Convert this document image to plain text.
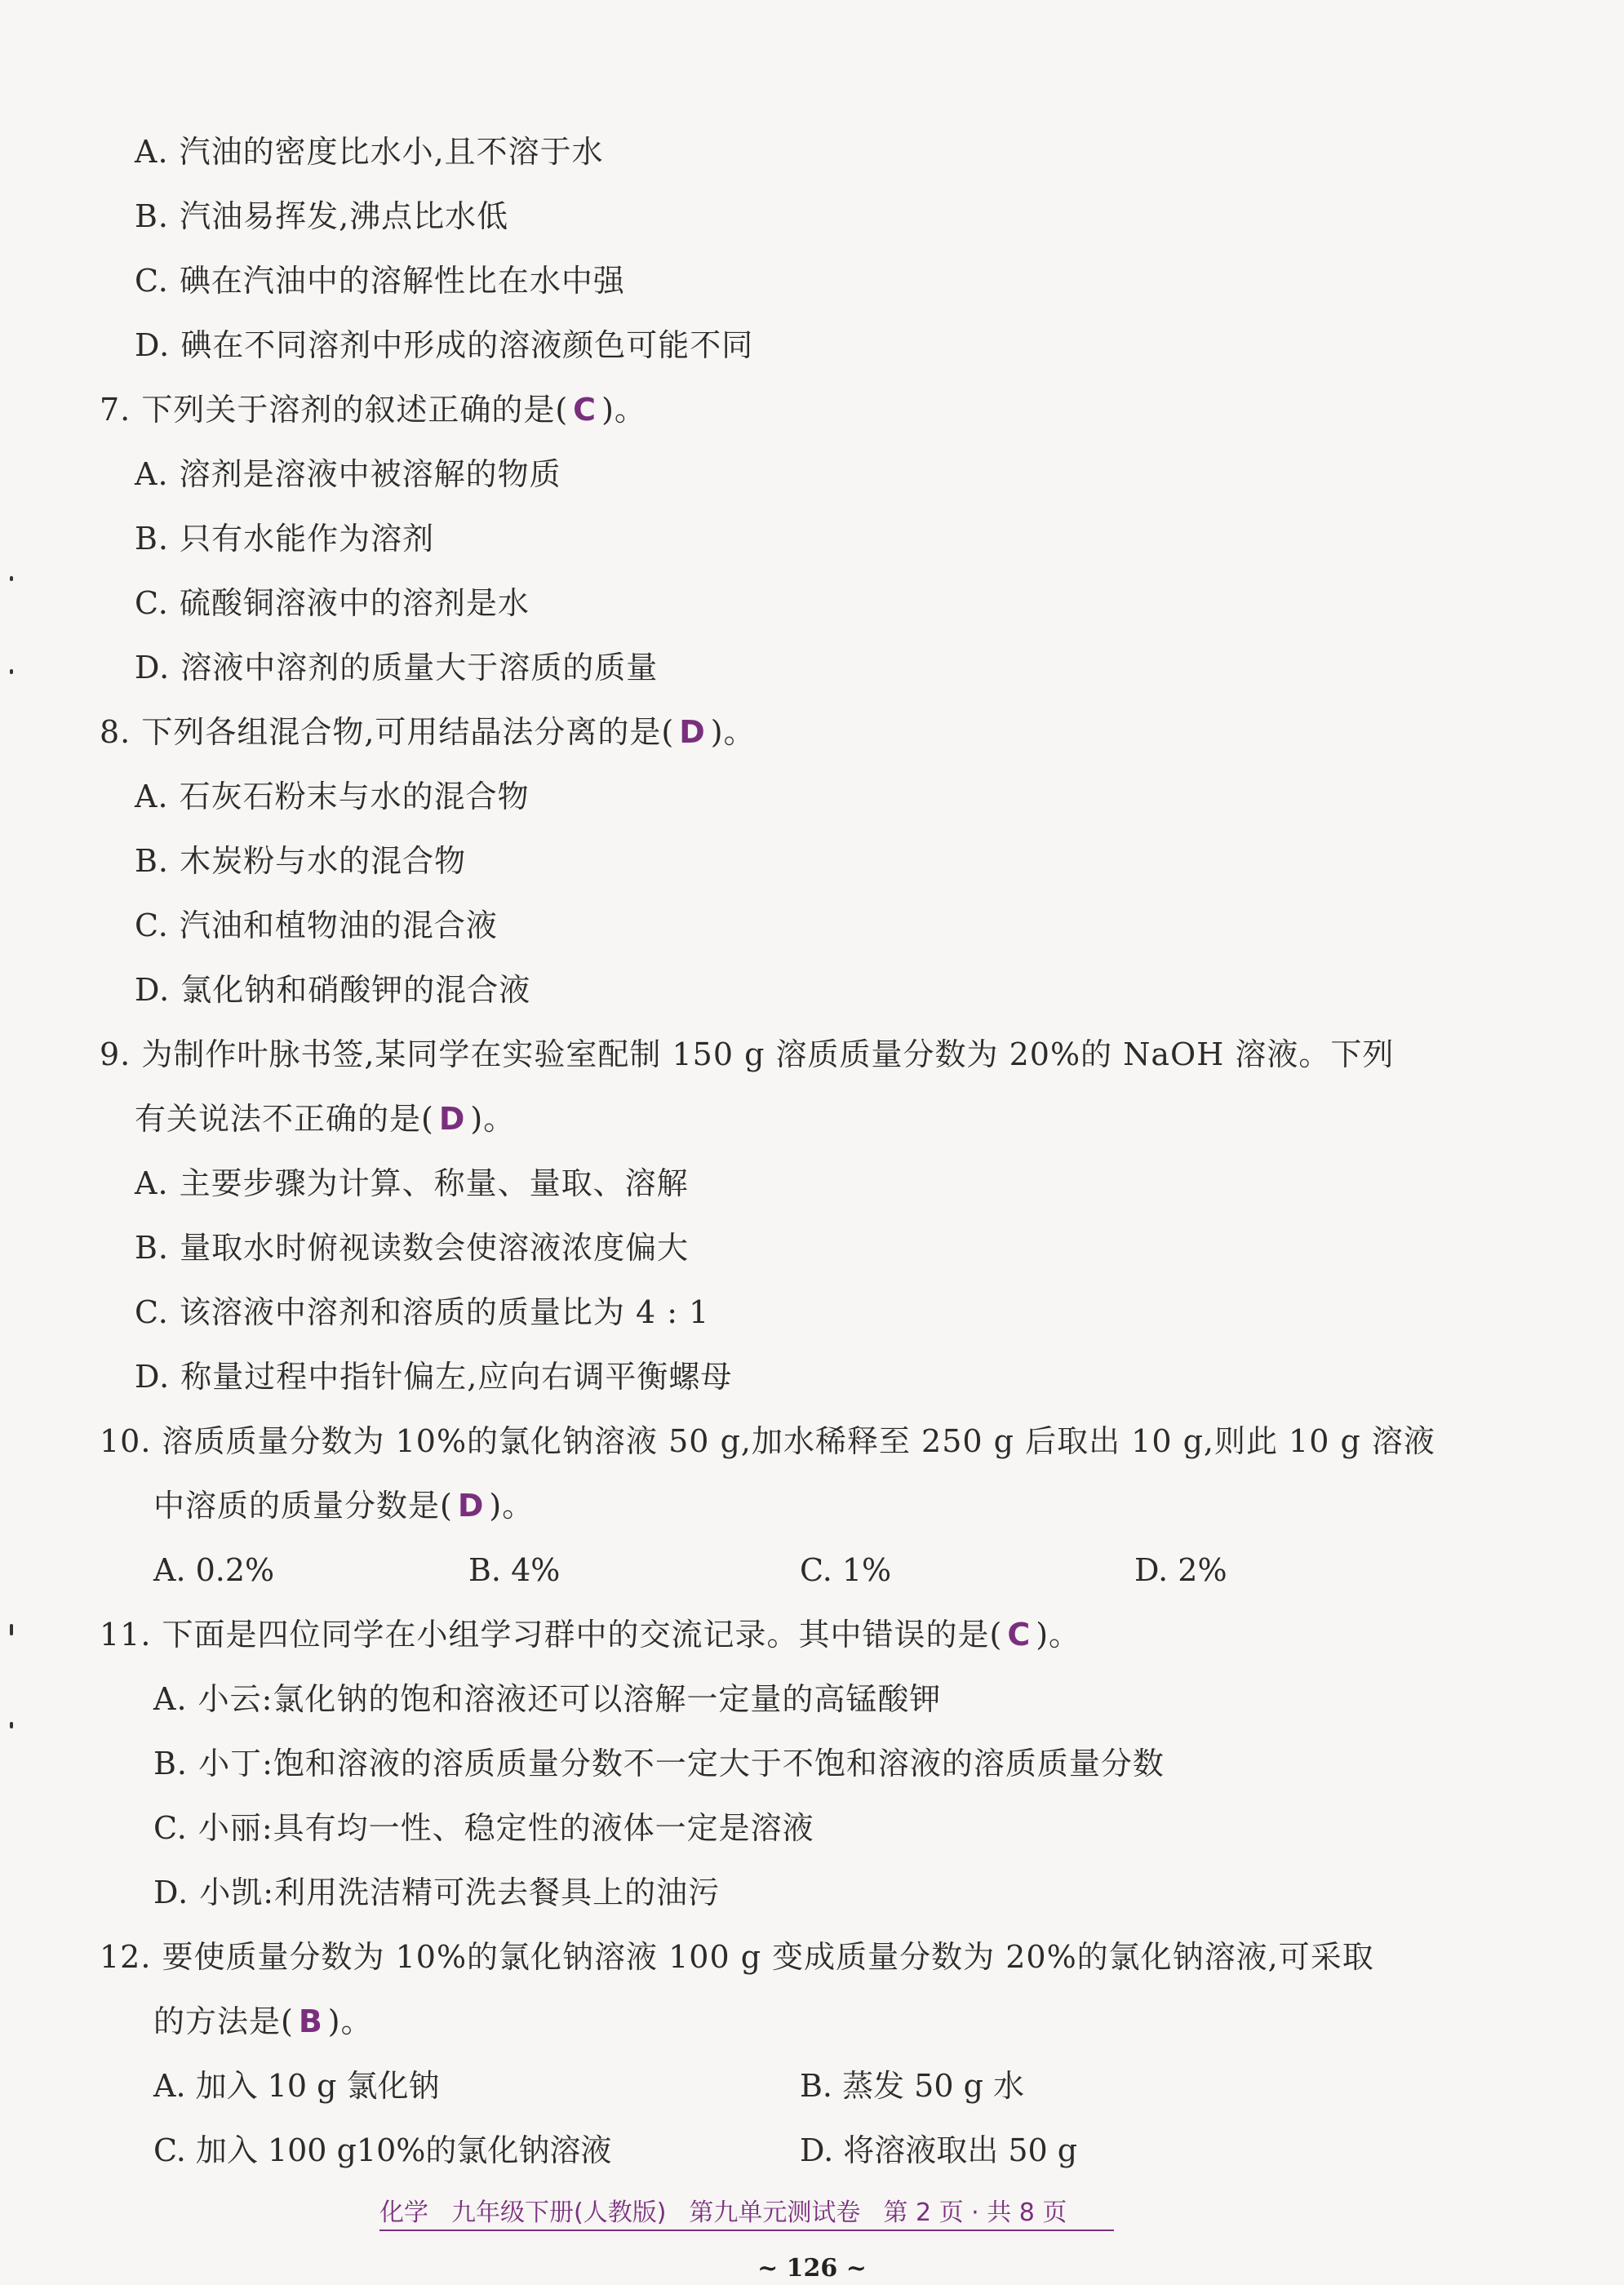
A. 汽油的密度比水小,且不溶于水
B. 汽油易挥发,沸点比水低
C. 碘在汽油中的溶解性比在水中强
D. 碘在不同溶剂中形成的溶液颜色可能不同
7. 下列关于溶剂的叙述正确的是( C )。
A. 溶剂是溶液中被溶解的物质
B. 只有水能作为溶剂
C. 硫酸铜溶液中的溶剂是水
D. 溶液中溶剂的质量大于溶质的质量
8. 下列各组混合物,可用结晶法分离的是( D )。
A. 石灰石粉末与水的混合物
B. 木炭粉与水的混合物
C. 汽油和植物油的混合液
D. 氯化钠和硝酸钾的混合液
9. 为制作叶脉书签,某同学在实验室配制 150 g 溶质质量分数为 20%的 NaOH 溶液。下列
有关说法不正确的是( D )。
A. 主要步骤为计算、称量、量取、溶解
B. 量取水时俯视读数会使溶液浓度偏大
C. 该溶液中溶剂和溶质的质量比为 4 : 1
D. 称量过程中指针偏左,应向右调平衡螺母
10. 溶质质量分数为 10%的氯化钠溶液 50 g,加水稀释至 250 g 后取出 10 g,则此 10 g 溶液
中溶质的质量分数是( D )。
A. 0.2%	B. 4%	C. 1%	D. 2%
11. 下面是四位同学在小组学习群中的交流记录。其中错误的是( C )。
A. 小云:氯化钠的饱和溶液还可以溶解一定量的高锰酸钾
B. 小丁:饱和溶液的溶质质量分数不一定大于不饱和溶液的溶质质量分数
C. 小丽:具有均一性、稳定性的液体一定是溶液
D. 小凯:利用洗洁精可洗去餐具上的油污
12. 要使质量分数为 10%的氯化钠溶液 100 g 变成质量分数为 20%的氯化钠溶液,可采取
的方法是( B )。
A. 加入 10 g 氯化钠	B. 蒸发 50 g 水
C. 加入 100 g10%的氯化钠溶液	D. 将溶液取出 50 g
化学 九年级下册(人教版) 第九单元测试卷 第 2 页 · 共 8 页
~ 126 ~
